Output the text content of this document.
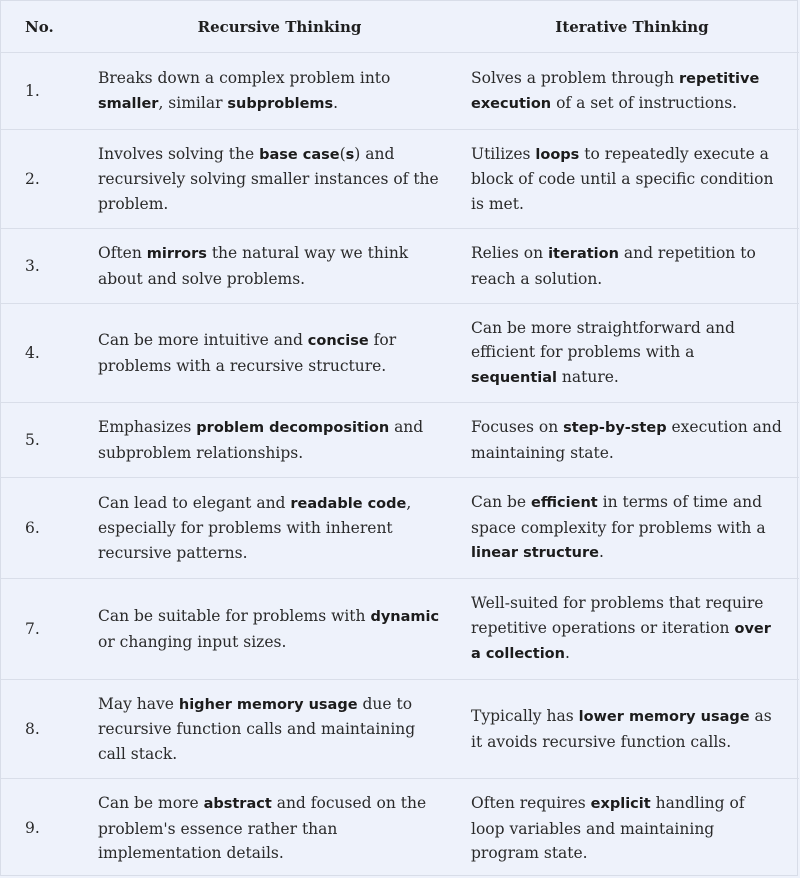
No.	Recursive Thinking	Iterative Thinking
1.	Breaks down a complex problem into smaller, similar subproblems.	Solves a problem through repetitive execution of a set of instructions.
2.	Involves solving the base case(s) and recursively solving smaller instances of the problem.	Utilizes loops to repeatedly execute a block of code until a specific condition is met.
3.	Often mirrors the natural way we think about and solve problems.	Relies on iteration and repetition to reach a solution.
4.	Can be more intuitive and concise for problems with a recursive structure.	Can be more straightforward and efficient for problems with a sequential nature.
5.	Emphasizes problem decomposition and subproblem relationships.	Focuses on step-by-step execution and maintaining state.
6.	Can lead to elegant and readable code, especially for problems with inherent recursive patterns.	Can be efficient in terms of time and space complexity for problems with a linear structure.
7.	Can be suitable for problems with dynamic or changing input sizes.	Well-suited for problems that require repetitive operations or iteration over a collection.
8.	May have higher memory usage due to recursive function calls and maintaining call stack.	Typically has lower memory usage as it avoids recursive function calls.
9.	Can be more abstract and focused on the problem's essence rather than implementation details.	Often requires explicit handling of loop variables and maintaining program state.
